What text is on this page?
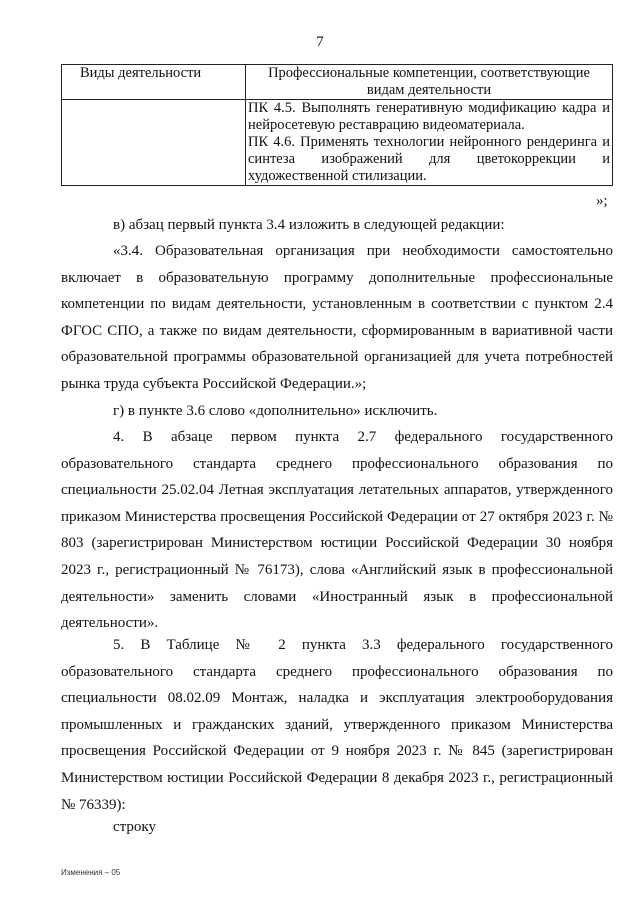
7
Виды деятельности	Профессиональные компетенции, соответствующие видам деятельности

	ПК 4.5. Выполнять генеративную модификацию кадра и нейросетевую реставрацию видеоматериала.
ПК 4.6. Применять технологии нейронного рендеринга и синтеза изображений для цветокоррекции и художественной стилизации.
»;

в) абзац первый пункта 3.4 изложить в следующей редакции:

«3.4. Образовательная организация при необходимости самостоятельно включает в образовательную программу дополнительные профессиональные компетенции по видам деятельности, установленным в соответствии с пунктом 2.4 ФГОС СПО, а также по видам деятельности, сформированным в вариативной части образовательной программы образовательной организацией для учета потребностей рынка труда субъекта Российской Федерации.»;

г) в пункте 3.6 слово «дополнительно» исключить.

4. В абзаце первом пункта 2.7 федерального государственного образовательного стандарта среднего профессионального образования по специальности 25.02.04 Летная эксплуатация летательных аппаратов, утвержденного приказом Министерства просвещения Российской Федерации от 27 октября 2023 г. № 803 (зарегистрирован Министерством юстиции Российской Федерации 30 ноября 2023 г., регистрационный № 76173), слова «Английский язык в профессиональной деятельности» заменить словами «Иностранный язык в профессиональной деятельности».

5. В Таблице № 2 пункта 3.3 федерального государственного образовательного стандарта среднего профессионального образования по специальности 08.02.09 Монтаж, наладка и эксплуатация электрооборудования промышленных и гражданских зданий, утвержденного приказом Министерства просвещения Российской Федерации от 9 ноября 2023 г. № 845 (зарегистрирован Министерством юстиции Российской Федерации 8 декабря 2023 г., регистрационный № 76339):

строку

Изменения – 05
